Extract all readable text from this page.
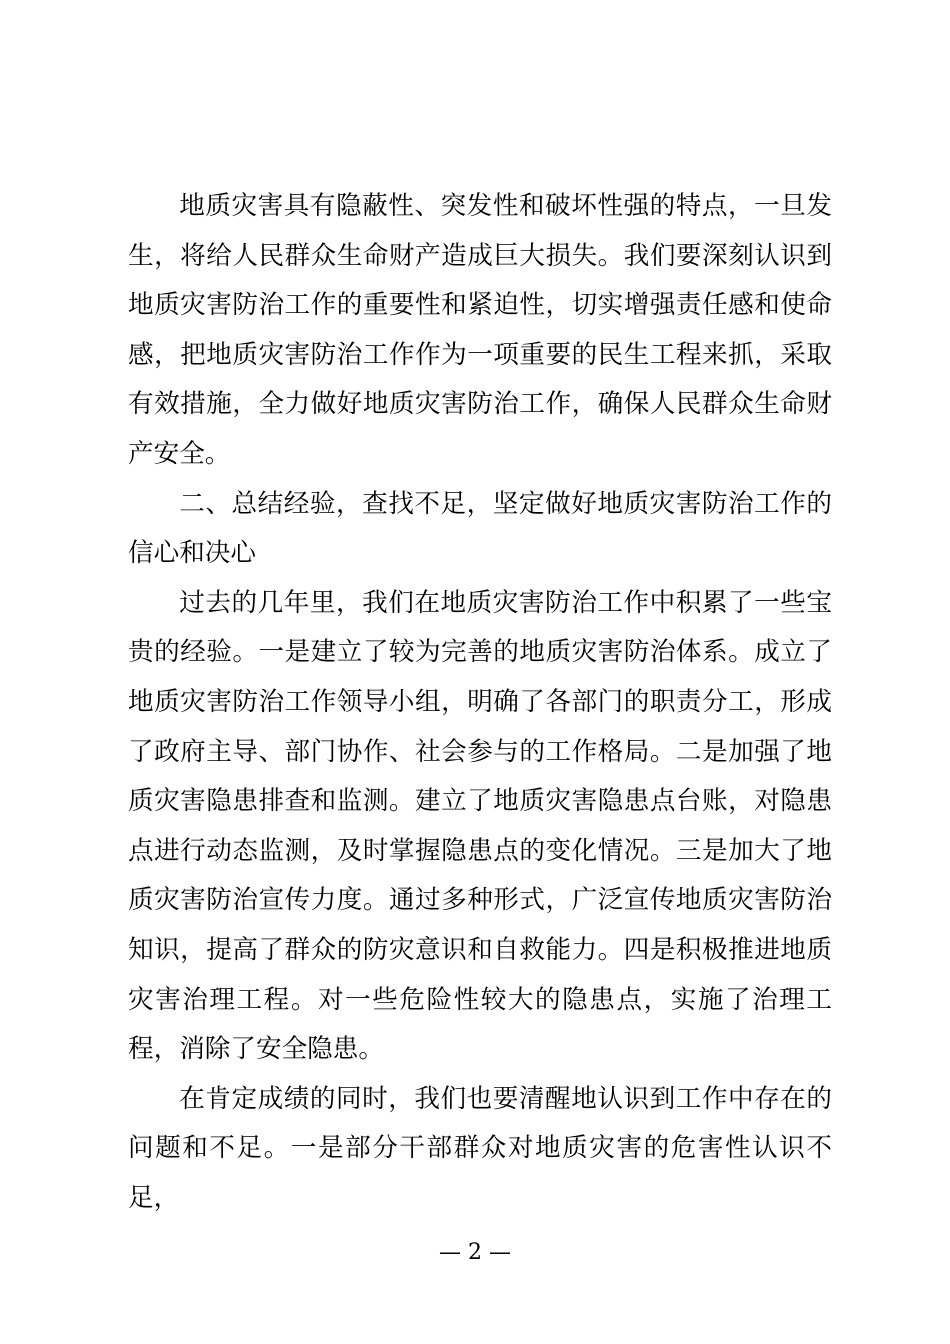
地质灾害具有隐蔽性、突发性和破坏性强的特点，一旦发生，将给人民群众生命财产造成巨大损失。我们要深刻认识到地质灾害防治工作的重要性和紧迫性，切实增强责任感和使命感，把地质灾害防治工作作为一项重要的民生工程来抓，采取有效措施，全力做好地质灾害防治工作，确保人民群众生命财产安全。

二、总结经验，查找不足，坚定做好地质灾害防治工作的信心和决心

过去的几年里，我们在地质灾害防治工作中积累了一些宝贵的经验。一是建立了较为完善的地质灾害防治体系。成立了地质灾害防治工作领导小组，明确了各部门的职责分工，形成了政府主导、部门协作、社会参与的工作格局。二是加强了地质灾害隐患排查和监测。建立了地质灾害隐患点台账，对隐患点进行动态监测，及时掌握隐患点的变化情况。三是加大了地质灾害防治宣传力度。通过多种形式，广泛宣传地质灾害防治知识，提高了群众的防灾意识和自救能力。四是积极推进地质灾害治理工程。对一些危险性较大的隐患点，实施了治理工程，消除了安全隐患。

在肯定成绩的同时，我们也要清醒地认识到工作中存在的问题和不足。一是部分干部群众对地质灾害的危害性认识不足，

— 2 —
